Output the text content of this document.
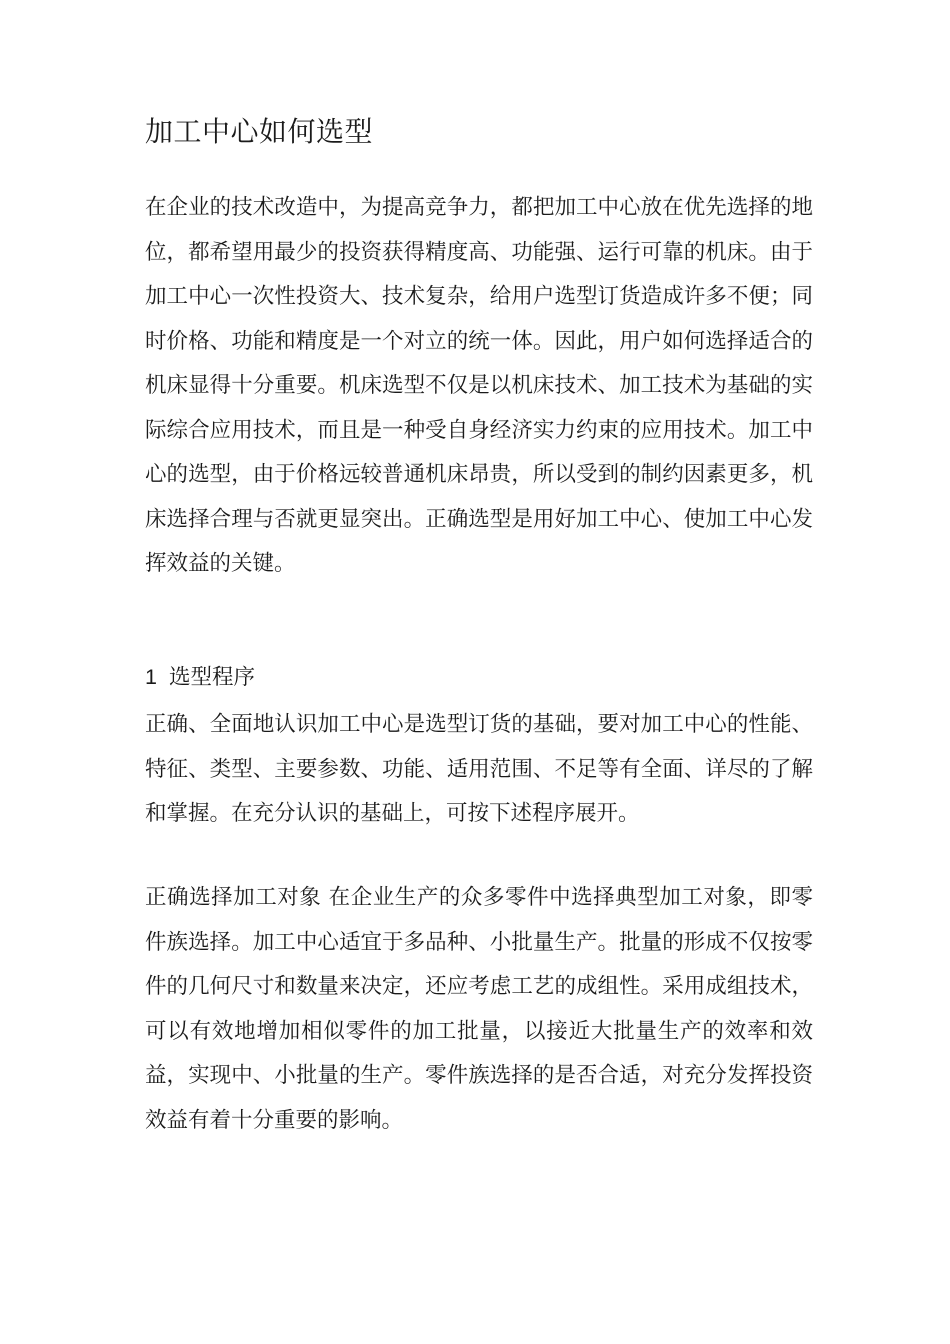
加工中心如何选型
在企业的技术改造中，为提高竞争力，都把加工中心放在优先选择的地位，都希望用最少的投资获得精度高、功能强、运行可靠的机床。由于加工中心一次性投资大、技术复杂，给用户选型订货造成许多不便；同时价格、功能和精度是一个对立的统一体。因此，用户如何选择适合的机床显得十分重要。机床选型不仅是以机床技术、加工技术为基础的实际综合应用技术，而且是一种受自身经济实力约束的应用技术。加工中心的选型，由于价格远较普通机床昂贵，所以受到的制约因素更多，机床选择合理与否就更显突出。正确选型是用好加工中心、使加工中心发挥效益的关键。
1 选型程序
正确、全面地认识加工中心是选型订货的基础，要对加工中心的性能、特征、类型、主要参数、功能、适用范围、不足等有全面、详尽的了解和掌握。在充分认识的基础上，可按下述程序展开。
正确选择加工对象 在企业生产的众多零件中选择典型加工对象，即零件族选择。加工中心适宜于多品种、小批量生产。批量的形成不仅按零件的几何尺寸和数量来决定，还应考虑工艺的成组性。采用成组技术，可以有效地增加相似零件的加工批量，以接近大批量生产的效率和效益，实现中、小批量的生产。零件族选择的是否合适，对充分发挥投资效益有着十分重要的影响。
